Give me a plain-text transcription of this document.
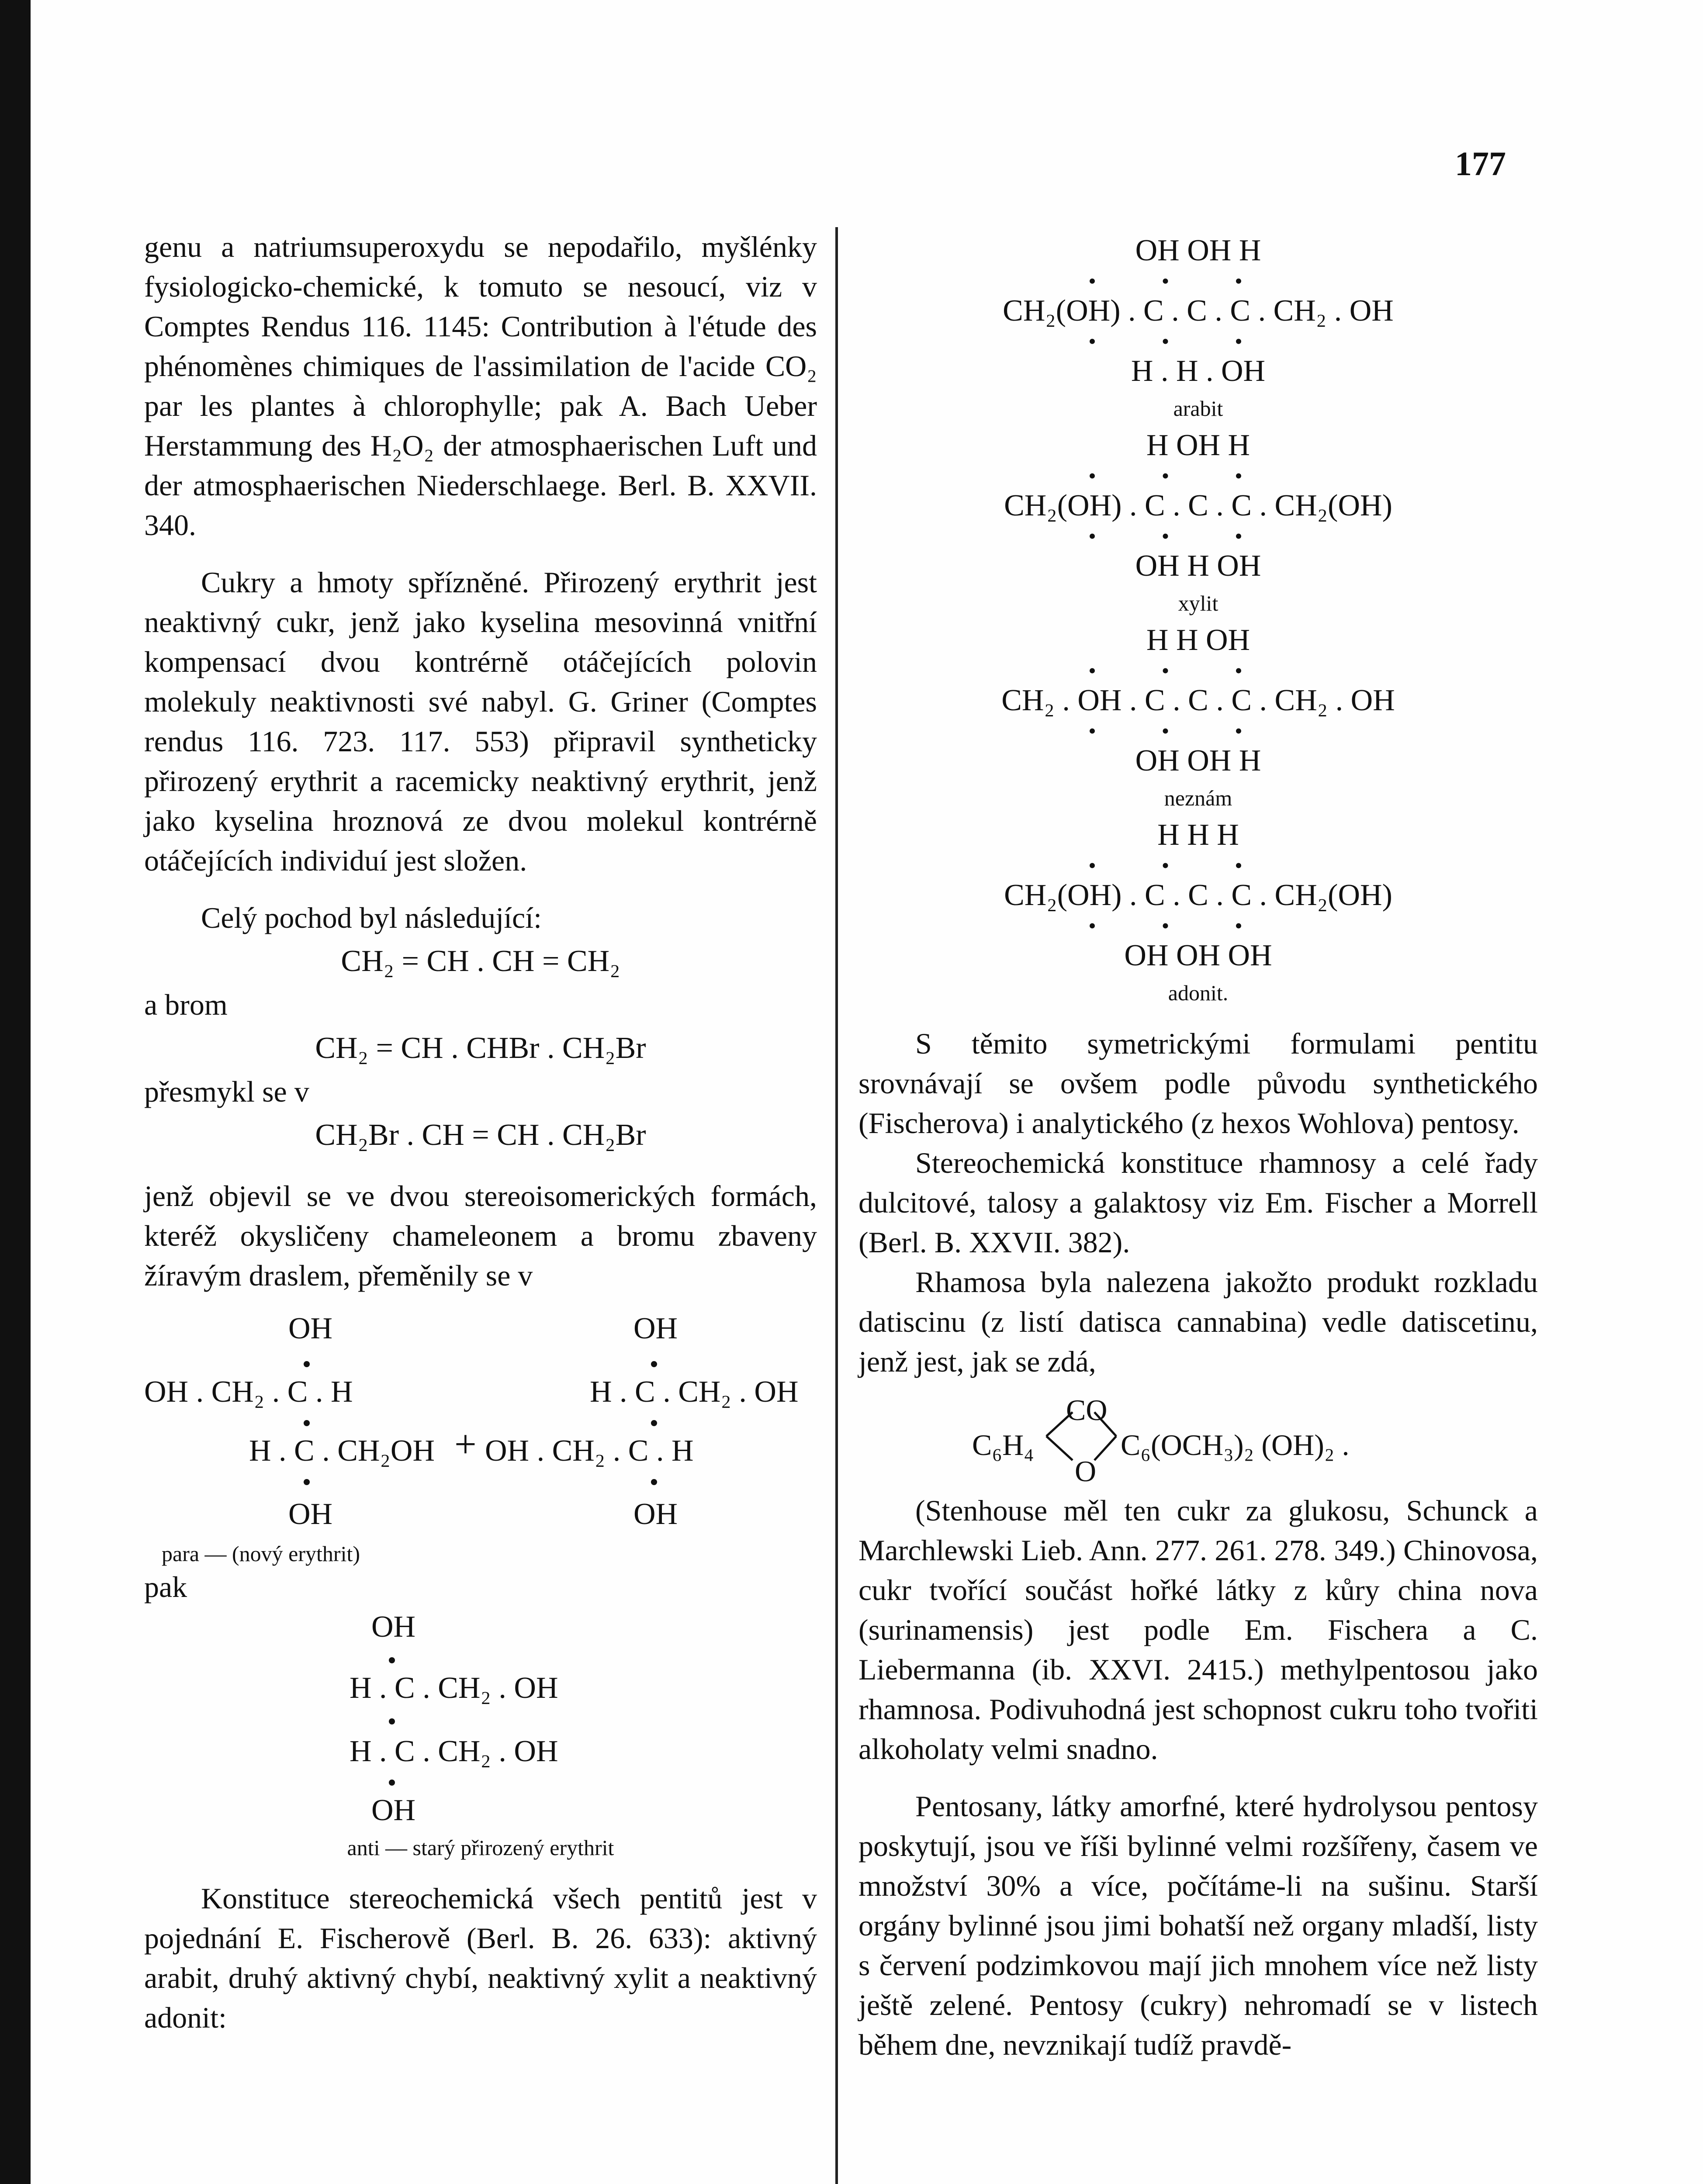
177

genu a natriumsuperoxydu se nepodařilo, myšlénky fysiologicko-chemické, k tomuto se nesoucí, viz v Comptes Rendus 116. 1145: Contribution à l'étude des phénomènes chimiques de l'assimilation de l'acide CO₂ par les plantes à chlorophylle; pak A. Bach Ueber Herstammung des H₂O₂ der atmosphaerischen Luft und der atmosphaerischen Niederschlaege. Berl. B. XXVII. 340.

Cukry a hmoty spřízněné. Přirozený erythrit jest neaktivný cukr, jenž jako kyselina mesovinná vnitřní kompensací dvou kontrérně otáčejících polovin molekuly neaktivnosti své nabyl. G. Griner (Comptes rendus 116. 723. 117. 553) připravil syntheticky přirozený erythrit a racemicky neaktivný erythrit, jenž jako kyselina hroznová ze dvou molekul kontrérně otáčejících individuí jest složen.

Celý pochod byl následující:

CH₂ = CH . CH = CH₂

a brom

CH₂ = CH . CHBr . CH₂Br

přesmykl se v

CH₂Br . CH = CH . CH₂Br

jenž objevil se ve dvou stereoisomerických formách, kteréž okysličeny chameleonem a bromu zbaveny žíravým draslem, přeměnily se v

OH	OH
OH . CH₂ . C . H	H . C . CH₂ . OH
H . C . CH₂OH + OH . CH₂ . C . H
OH	OH

para — (nový erythrit)

pak

OH
H . C . CH₂ . OH
H . C . CH₂ . OH
OH

anti — starý přirozený erythrit

Konstituce stereochemická všech pentitů jest v pojednání E. Fischerově (Berl. B. 26. 633): aktivný arabit, druhý aktivný chybí, neaktivný xylit a neaktivný adonit:

OH OH H

•••

CH₂(OH) . C . C . C . CH₂ . OH

•••

H . H . OH

arabit

H OH H

•••

CH₂(OH) . C . C . C . CH₂(OH)

•••

OH H OH

xylit

H H OH

•••

CH₂ . OH . C . C . C . CH₂ . OH

•••

OH OH H

neznám

H H H

•••

CH₂(OH) . C . C . C . CH₂(OH)

•••

OH OH OH

adonit.

S těmito symetrickými formulami pentitu srovnávají se ovšem podle původu synthetického (Fischerova) i analytického (z hexos Wohlova) pentosy.

Stereochemická konstituce rhamnosy a celé řady dulcitové, talosy a galaktosy viz Em. Fischer a Morrell (Berl. B. XXVII. 382).

Rhamosa byla nalezena jakožto produkt rozkladu datiscinu (z listí datisca cannabina) vedle datiscetinu, jenž jest, jak se zdá,

C₆H₄
CO
O
C₆(OCH₃)₂ (OH)₂ .

(Stenhouse měl ten cukr za glukosu, Schunck a Marchlewski Lieb. Ann. 277. 261. 278. 349.) Chinovosa, cukr tvořící součást hořké látky z kůry china nova (surinamensis) jest podle Em. Fischera a C. Liebermanna (ib. XXVI. 2415.) methylpentosou jako rhamnosa. Podivuhodná jest schopnost cukru toho tvořiti alkoholaty velmi snadno.

Pentosany, látky amorfné, které hydrolysou pentosy poskytují, jsou ve říši bylinné velmi rozšířeny, časem ve množství 30% a více, počítáme-li na sušinu. Starší orgány bylinné jsou jimi bohatší než organy mladší, listy s červení podzimkovou mají jich mnohem více než listy ještě zelené. Pentosy (cukry) nehromadí se v listech během dne, nevznikají tudíž pravdě-
